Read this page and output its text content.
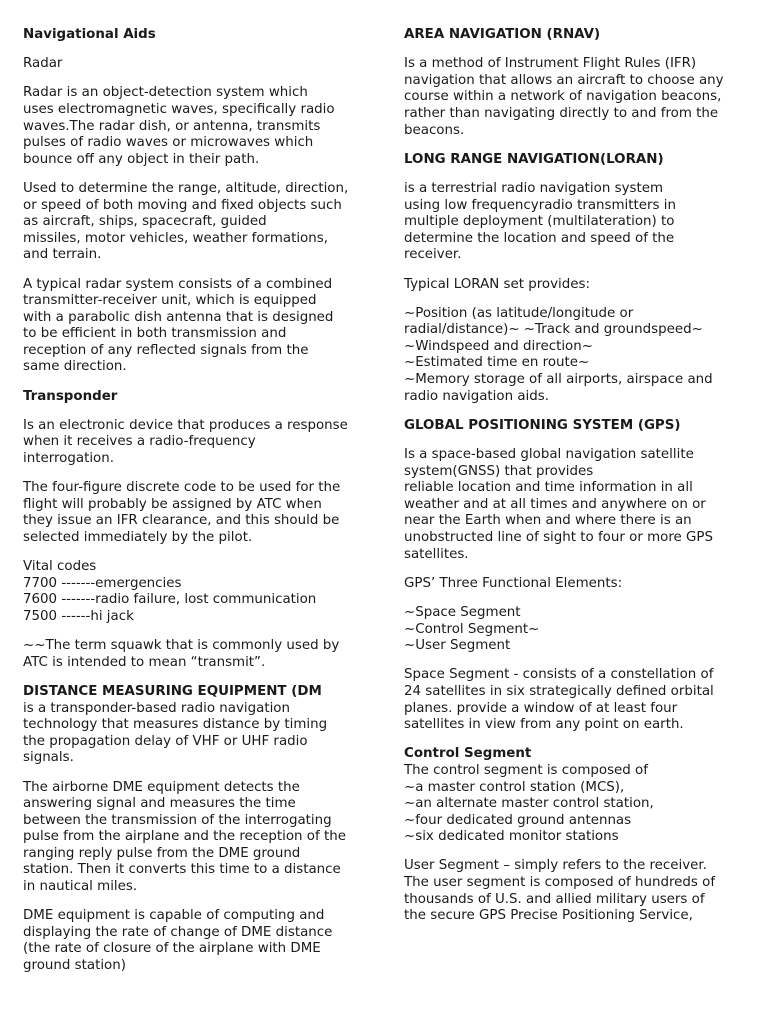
Navigational Aids

Radar

Radar is an object-detection system which
uses electromagnetic waves, specifically radio
waves.The radar dish, or antenna, transmits
pulses of radio waves or microwaves which
bounce off any object in their path.

Used to determine the range, altitude, direction,
or speed of both moving and fixed objects such
as aircraft, ships, spacecraft, guided
missiles, motor vehicles, weather formations,
and terrain.

A typical radar system consists of a combined
transmitter-receiver unit, which is equipped
with a parabolic dish antenna that is designed
to be efficient in both transmission and
reception of any reflected signals from the
same direction.

Transponder

Is an electronic device that produces a response
when it receives a radio-frequency
interrogation.

The four-figure discrete code to be used for the
flight will probably be assigned by ATC when
they issue an IFR clearance, and this should be
selected immediately by the pilot.

Vital codes
7700 -------emergencies
7600 -------radio failure, lost communication
7500 ------hi jack

~~The term squawk that is commonly used by
ATC is intended to mean “transmit”.

DISTANCE MEASURING EQUIPMENT (DM

is a transponder-based radio navigation
technology that measures distance by timing
the propagation delay of VHF or UHF radio
signals.

The airborne DME equipment detects the
answering signal and measures the time
between the transmission of the interrogating
pulse from the airplane and the reception of the
ranging reply pulse from the DME ground
station. Then it converts this time to a distance
in nautical miles.

DME equipment is capable of computing and
displaying the rate of change of DME distance
(the rate of closure of the airplane with DME
ground station)

AREA NAVIGATION (RNAV)

Is a method of Instrument Flight Rules (IFR)
navigation that allows an aircraft to choose any
course within a network of navigation beacons,
rather than navigating directly to and from the
beacons.

LONG RANGE NAVIGATION(LORAN)

is a terrestrial radio navigation system
using low frequencyradio transmitters in
multiple deployment (multilateration) to
determine the location and speed of the
receiver.

Typical LORAN set provides:

~Position (as latitude/longitude or
radial/distance)~ ~Track and groundspeed~
~Windspeed and direction~
~Estimated time en route~
~Memory storage of all airports, airspace and
radio navigation aids.

GLOBAL POSITIONING SYSTEM (GPS)

Is a space-based global navigation satellite
system(GNSS) that provides
reliable location and time information in all
weather and at all times and anywhere on or
near the Earth when and where there is an
unobstructed line of sight to four or more GPS
satellites.

GPS’ Three Functional Elements:

~Space Segment
~Control Segment~
~User Segment

Space Segment - consists of a constellation of
24 satellites in six strategically defined orbital
planes. provide a window of at least four
satellites in view from any point on earth.

Control Segment

The control segment is composed of
~a master control station (MCS),
~an alternate master control station,
~four dedicated ground antennas
~six dedicated monitor stations

User Segment – simply refers to the receiver.
The user segment is composed of hundreds of
thousands of U.S. and allied military users of
the secure GPS Precise Positioning Service,
